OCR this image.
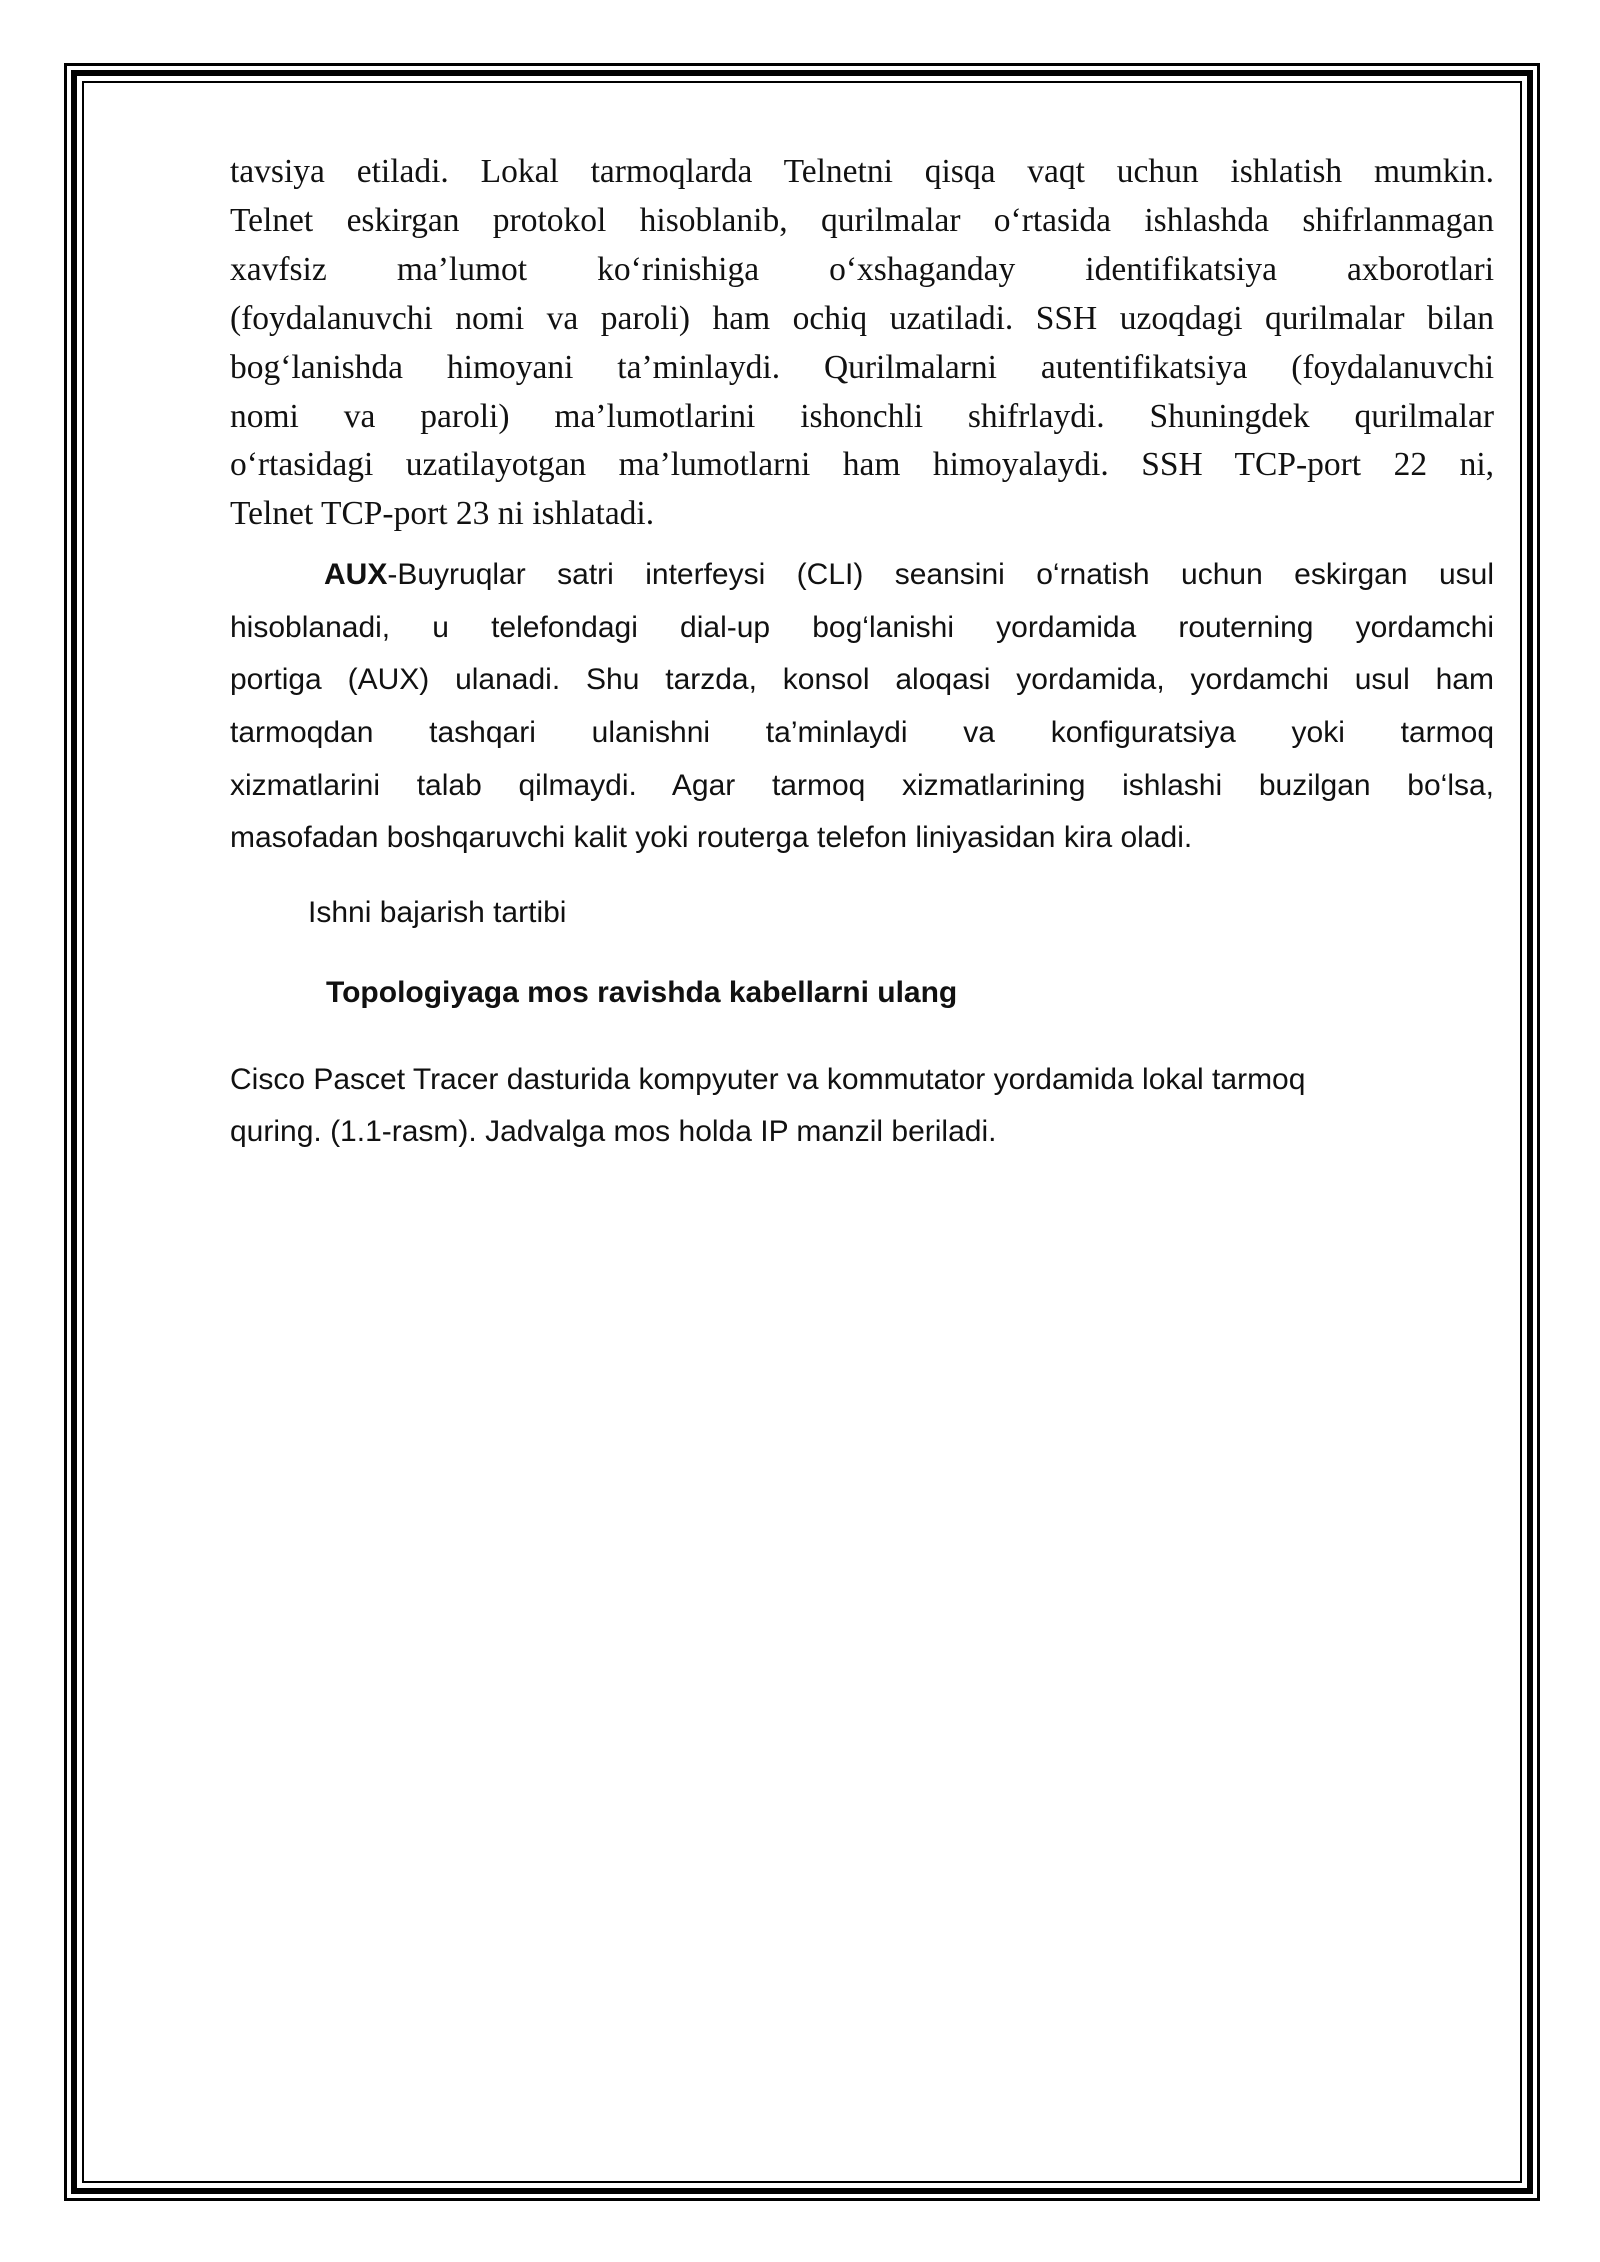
tavsiya etiladi. Lokal tarmoqlarda Telnetni qisqa vaqt uchun ishlatish mumkin.
Telnet eskirgan protokol hisoblanib, qurilmalar o‘rtasida ishlashda shifrlanmagan
xavfsiz ma’lumot ko‘rinishiga o‘xshaganday identifikatsiya axborotlari
(foydalanuvchi nomi va paroli) ham ochiq uzatiladi. SSH uzoqdagi qurilmalar bilan
bog‘lanishda himoyani ta’minlaydi. Qurilmalarni autentifikatsiya (foydalanuvchi
nomi va paroli) ma’lumotlarini ishonchli shifrlaydi. Shuningdek qurilmalar
o‘rtasidagi uzatilayotgan ma’lumotlarni ham himoyalaydi. SSH TCP-port 22 ni,
Telnet TCP-port 23 ni ishlatadi.

AUX-Buyruqlar satri interfeysi (CLI) seansini o‘rnatish uchun eskirgan usul
hisoblanadi, u telefondagi dial-up bog‘lanishi yordamida routerning yordamchi
portiga (AUX) ulanadi. Shu tarzda, konsol aloqasi yordamida, yordamchi usul ham
tarmoqdan tashqari ulanishni ta’minlaydi va konfiguratsiya yoki tarmoq
xizmatlarini talab qilmaydi. Agar tarmoq xizmatlarining ishlashi buzilgan bo‘lsa,
masofadan boshqaruvchi kalit yoki routerga telefon liniyasidan kira oladi.

Ishni bajarish tartibi

Topologiyaga mos ravishda kabellarni ulang

Cisco Pascet Tracer dasturida kompyuter va kommutator yordamida lokal tarmoq
quring. (1.1-rasm). Jadvalga mos holda IP manzil beriladi.
